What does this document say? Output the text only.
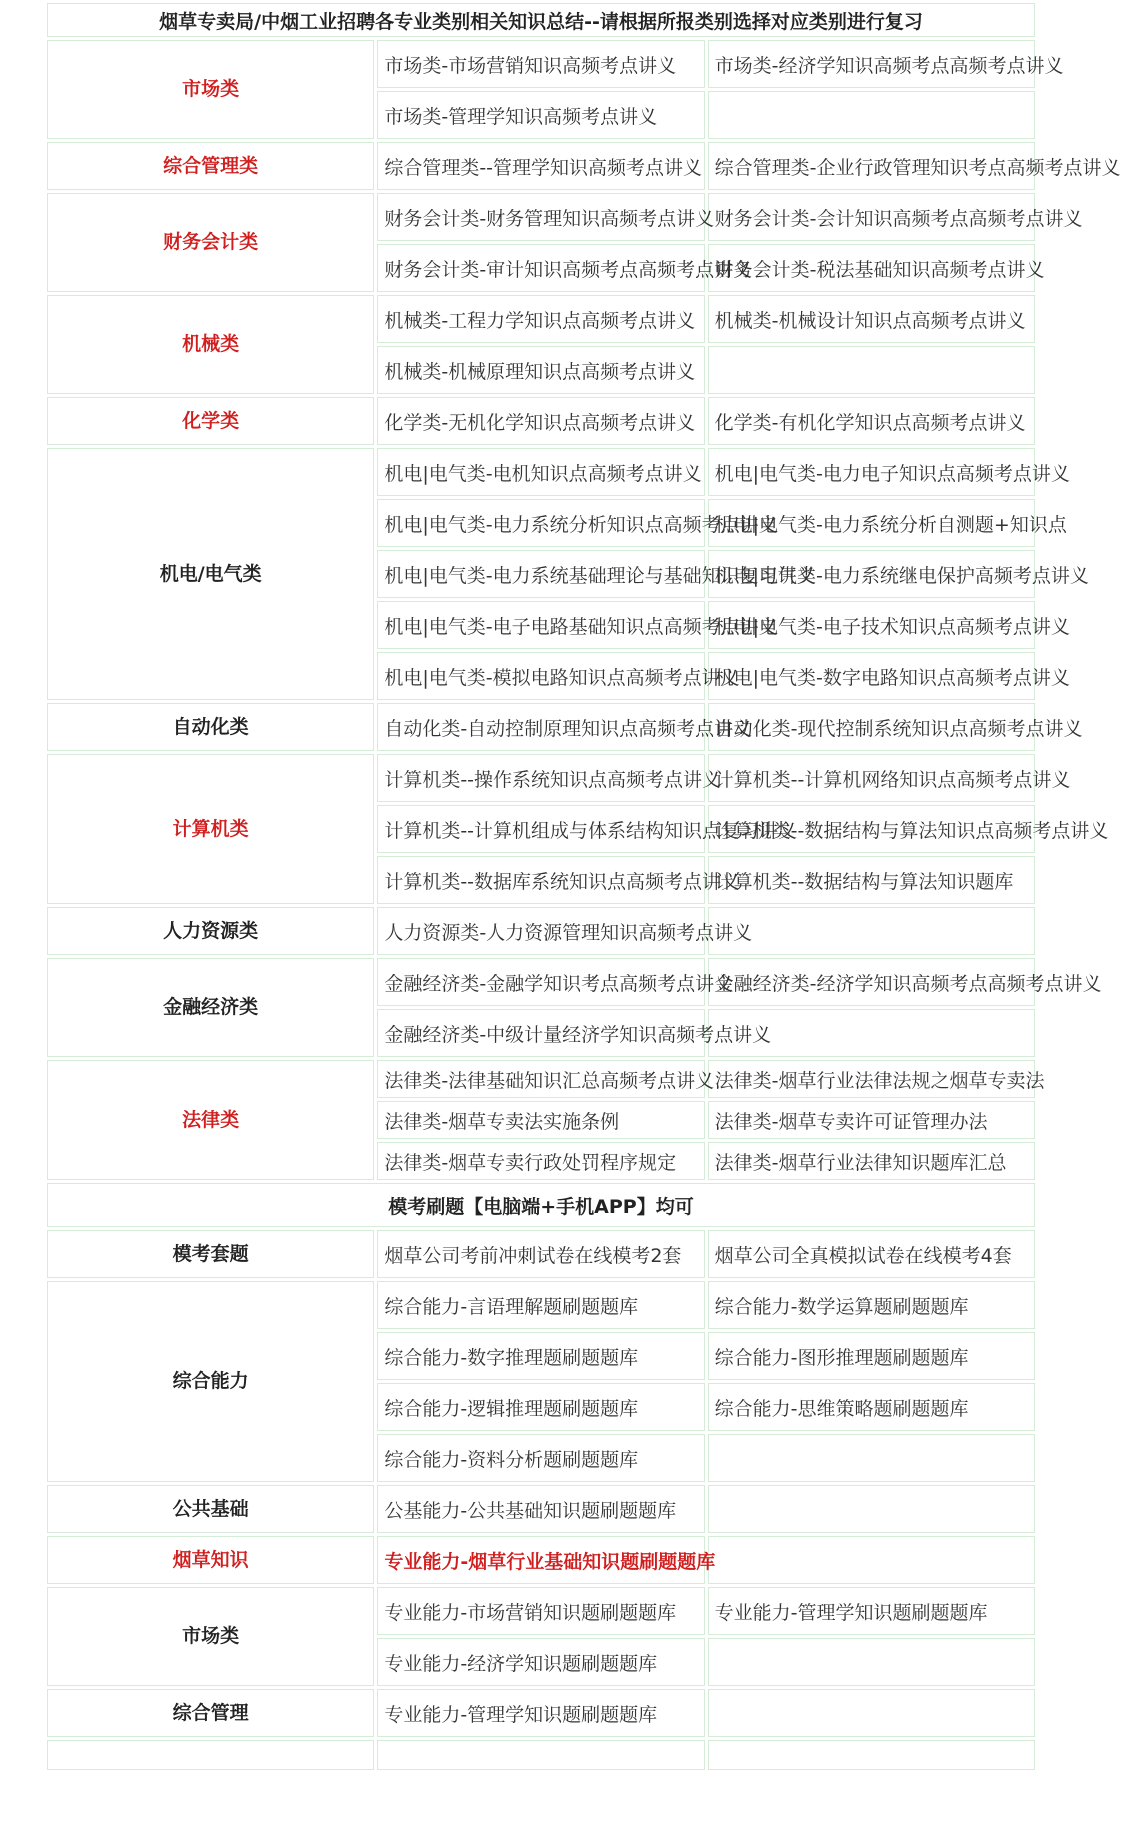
烟草专卖局/中烟工业招聘各专业类别相关知识总结--请根据所报类别选择对应类别进行复习		
市场类	市场类-市场营销知识高频考点讲义	市场类-经济学知识高频考点高频考点讲义
	市场类-管理学知识高频考点讲义	
综合管理类	综合管理类--管理学知识高频考点讲义	综合管理类-企业行政管理知识考点高频考点讲义
财务会计类	财务会计类-财务管理知识高频考点讲义	财务会计类-会计知识高频考点高频考点讲义
	财务会计类-审计知识高频考点高频考点讲义	财务会计类-税法基础知识高频考点讲义
机械类	机械类-工程力学知识点高频考点讲义	机械类-机械设计知识点高频考点讲义
	机械类-机械原理知识点高频考点讲义	
化学类	化学类-无机化学知识点高频考点讲义	化学类-有机化学知识点高频考点讲义
机电/电气类	机电|电气类-电机知识点高频考点讲义	机电|电气类-电力电子知识点高频考点讲义
	机电|电气类-电力系统分析知识点高频考点讲义	机电|电气类-电力系统分析自测题+知识点
	机电|电气类-电力系统基础理论与基础知识复习讲义	机电|电气类-电力系统继电保护高频考点讲义
	机电|电气类-电子电路基础知识点高频考点讲义	机电|电气类-电子技术知识点高频考点讲义
	机电|电气类-模拟电路知识点高频考点讲义	机电|电气类-数字电路知识点高频考点讲义
自动化类	自动化类-自动控制原理知识点高频考点讲义	自动化类-现代控制系统知识点高频考点讲义
计算机类	计算机类--操作系统知识点高频考点讲义	计算机类--计算机网络知识点高频考点讲义
	计算机类--计算机组成与体系结构知识点复习讲义	计算机类--数据结构与算法知识点高频考点讲义
	计算机类--数据库系统知识点高频考点讲义	计算机类--数据结构与算法知识题库
人力资源类	人力资源类-人力资源管理知识高频考点讲义	
金融经济类	金融经济类-金融学知识考点高频考点讲义	金融经济类-经济学知识高频考点高频考点讲义
	金融经济类-中级计量经济学知识高频考点讲义	
法律类	法律类-法律基础知识汇总高频考点讲义	法律类-烟草行业法律法规之烟草专卖法
	法律类-烟草专卖法实施条例	法律类-烟草专卖许可证管理办法
	法律类-烟草专卖行政处罚程序规定	法律类-烟草行业法律知识题库汇总
模考刷题【电脑端+手机APP】均可		
模考套题	烟草公司考前冲刺试卷在线模考2套	烟草公司全真模拟试卷在线模考4套
综合能力	综合能力-言语理解题刷题题库	综合能力-数学运算题刷题题库
	综合能力-数字推理题刷题题库	综合能力-图形推理题刷题题库
	综合能力-逻辑推理题刷题题库	综合能力-思维策略题刷题题库
	综合能力-资料分析题刷题题库	
公共基础	公基能力-公共基础知识题刷题题库	
烟草知识	专业能力-烟草行业基础知识题刷题题库	
市场类	专业能力-市场营销知识题刷题题库	专业能力-管理学知识题刷题题库
	专业能力-经济学知识题刷题题库	
综合管理	专业能力-管理学知识题刷题题库	
